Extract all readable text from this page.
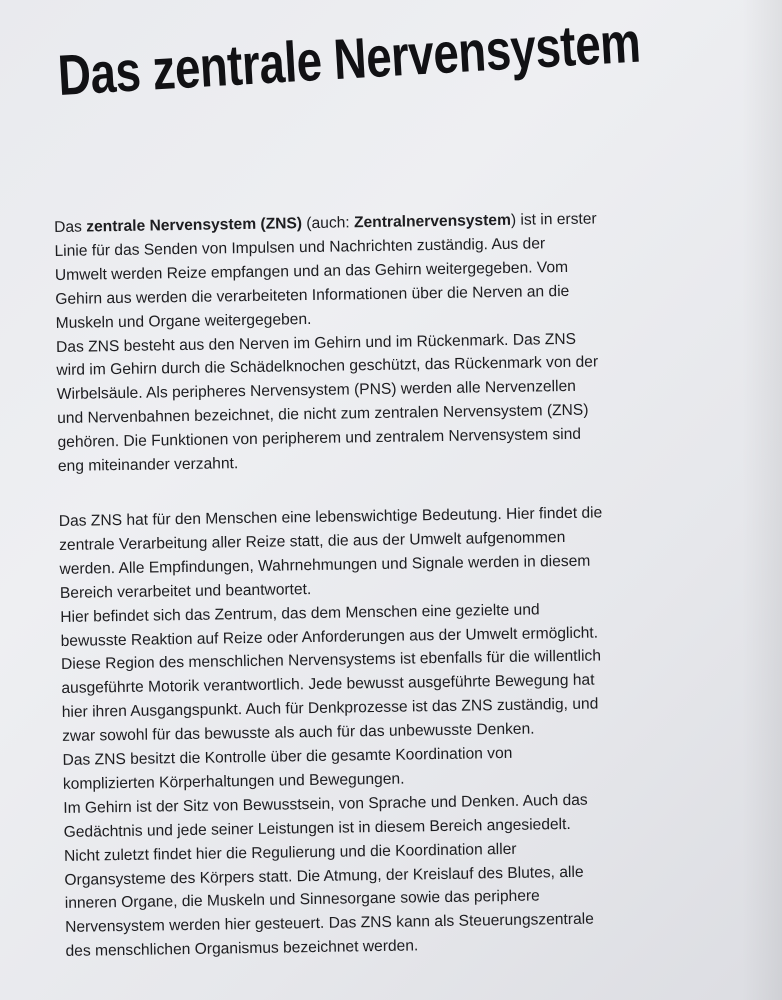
Das zentrale Nervensystem
Das zentrale Nervensystem (ZNS) (auch: Zentralnervensystem) ist in erster
Linie für das Senden von Impulsen und Nachrichten zuständig. Aus der
Umwelt werden Reize empfangen und an das Gehirn weitergegeben. Vom
Gehirn aus werden die verarbeiteten Informationen über die Nerven an die
Muskeln und Organe weitergegeben.
Das ZNS besteht aus den Nerven im Gehirn und im Rückenmark. Das ZNS
wird im Gehirn durch die Schädelknochen geschützt, das Rückenmark von der
Wirbelsäule. Als peripheres Nervensystem (PNS) werden alle Nervenzellen
und Nervenbahnen bezeichnet, die nicht zum zentralen Nervensystem (ZNS)
gehören. Die Funktionen von peripherem und zentralem Nervensystem sind
eng miteinander verzahnt.
Das ZNS hat für den Menschen eine lebenswichtige Bedeutung. Hier findet die
zentrale Verarbeitung aller Reize statt, die aus der Umwelt aufgenommen
werden. Alle Empfindungen, Wahrnehmungen und Signale werden in diesem
Bereich verarbeitet und beantwortet.
Hier befindet sich das Zentrum, das dem Menschen eine gezielte und
bewusste Reaktion auf Reize oder Anforderungen aus der Umwelt ermöglicht.
Diese Region des menschlichen Nervensystems ist ebenfalls für die willentlich
ausgeführte Motorik verantwortlich. Jede bewusst ausgeführte Bewegung hat
hier ihren Ausgangspunkt. Auch für Denkprozesse ist das ZNS zuständig, und
zwar sowohl für das bewusste als auch für das unbewusste Denken.
Das ZNS besitzt die Kontrolle über die gesamte Koordination von
komplizierten Körperhaltungen und Bewegungen.
Im Gehirn ist der Sitz von Bewusstsein, von Sprache und Denken. Auch das
Gedächtnis und jede seiner Leistungen ist in diesem Bereich angesiedelt.
Nicht zuletzt findet hier die Regulierung und die Koordination aller
Organsysteme des Körpers statt. Die Atmung, der Kreislauf des Blutes, alle
inneren Organe, die Muskeln und Sinnesorgane sowie das periphere
Nervensystem werden hier gesteuert. Das ZNS kann als Steuerungszentrale
des menschlichen Organismus bezeichnet werden.
